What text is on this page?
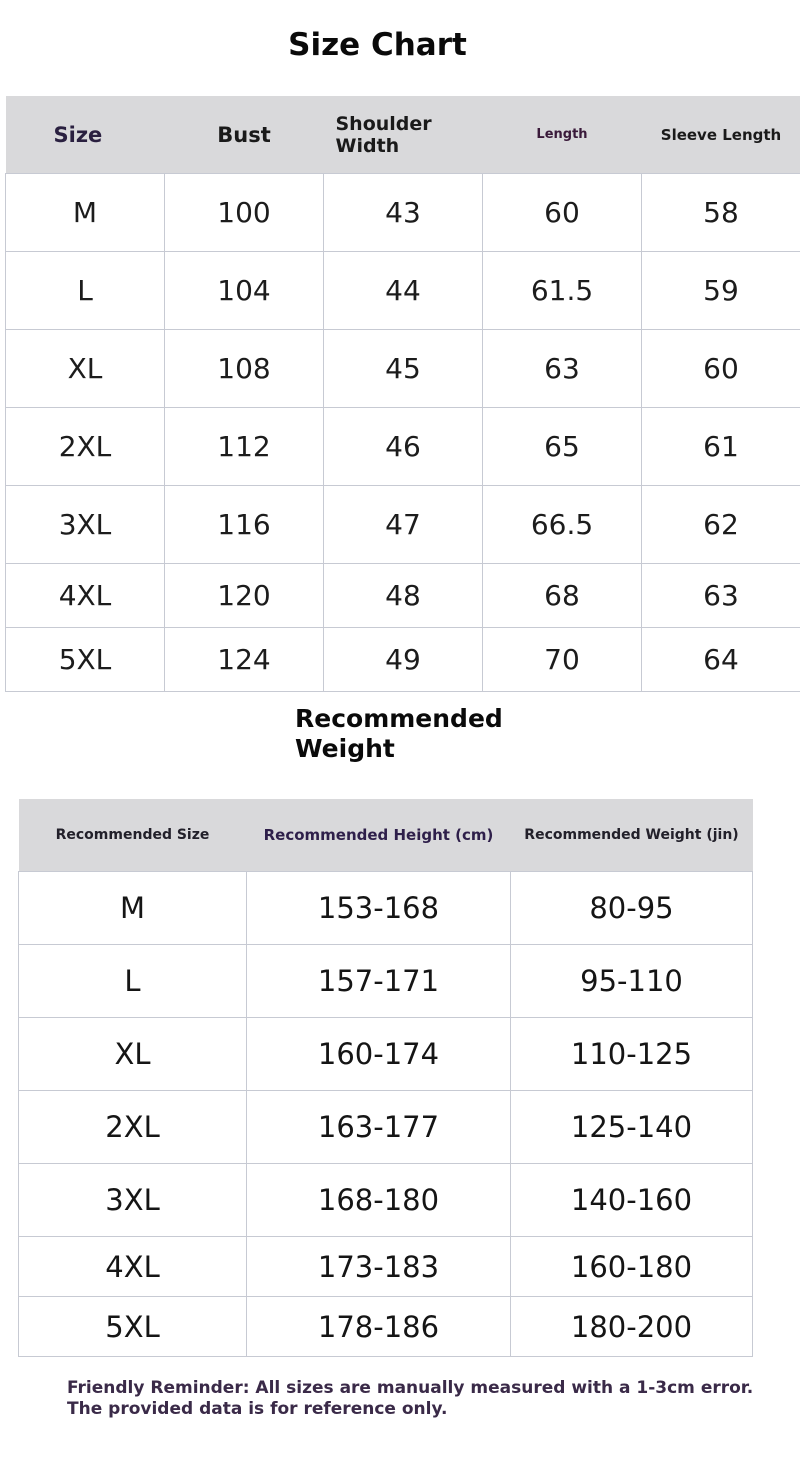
Size Chart
Size	Bust	Shoulder Width	Length	Sleeve Length
M	100	43	60	58
L	104	44	61.5	59
XL	108	45	63	60
2XL	112	46	65	61
3XL	116	47	66.5	62
4XL	120	48	68	63
5XL	124	49	70	64
Recommended Weight
Recommended Size	Recommended Height (cm)	Recommended Weight (jin)
M	153-168	80-95
L	157-171	95-110
XL	160-174	110-125
2XL	163-177	125-140
3XL	168-180	140-160
4XL	173-183	160-180
5XL	178-186	180-200
Friendly Reminder: All sizes are manually measured with a 1-3cm error. The provided data is for reference only.
